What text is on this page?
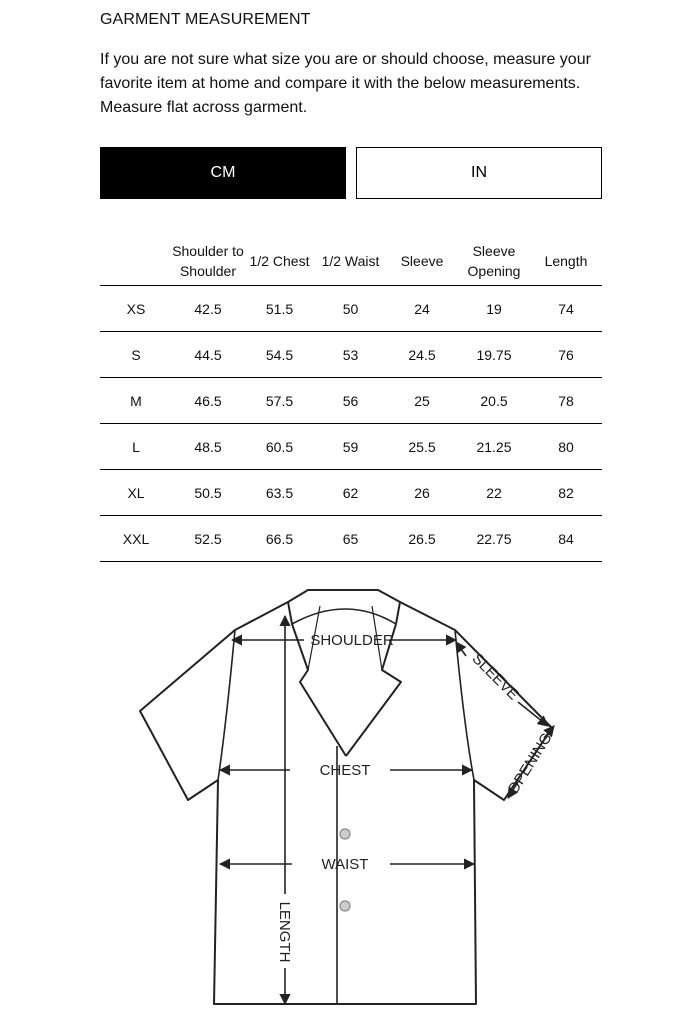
GARMENT MEASUREMENT
If you are not sure what size you are or should choose, measure your favorite item at home and compare it with the below measurements. Measure flat across garment.
CM	IN
	Shoulder to Shoulder	1/2 Chest	1/2 Waist	Sleeve	Sleeve Opening	Length
XS	42.5	51.5	50	24	19	74
S	44.5	54.5	53	24.5	19.75	76
M	46.5	57.5	56	25	20.5	78
L	48.5	60.5	59	25.5	21.25	80
XL	50.5	63.5	62	26	22	82
XXL	52.5	66.5	65	26.5	22.75	84
SHOULDER
CHEST
WAIST
LENGTH
SLEEVE
OPENING
